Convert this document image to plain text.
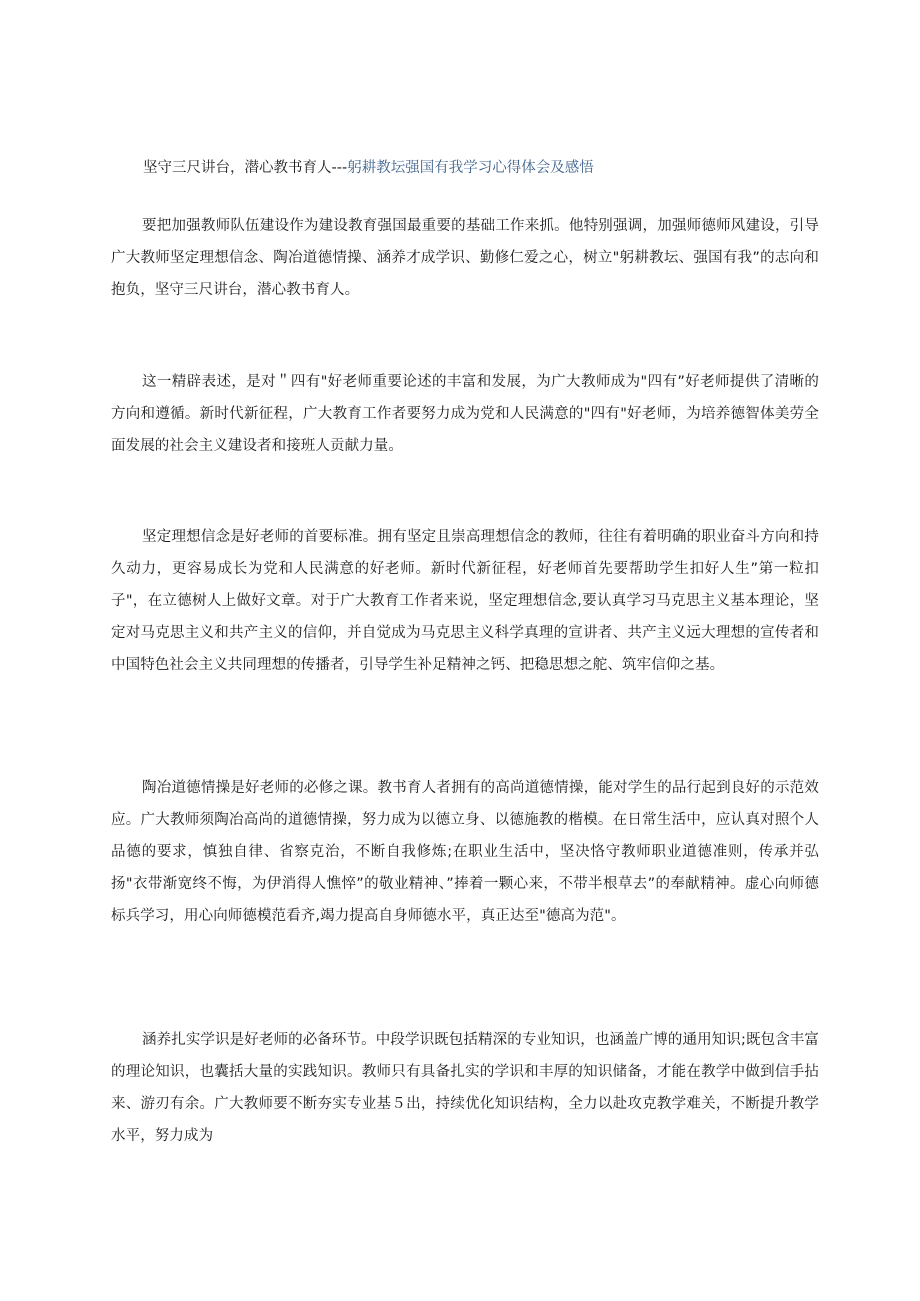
坚守三尺讲台，潜心教书育人---躬耕教坛强国有我学习心得体会及感悟

要把加强教师队伍建设作为建设教育强国最重要的基础工作来抓。他特别强调，加强师德师风建设，引导广大教师坚定理想信念、陶冶道德情操、涵养才成学识、勤修仁爱之心，树立"躬耕教坛、强国有我”的志向和抱负，坚守三尺讲台，潜心教书育人。

这一精辟表述，是对＂四有"好老师重要论述的丰富和发展，为广大教师成为"四有”好老师提供了清晰的方向和遵循。新时代新征程，广大教育工作者要努力成为党和人民满意的"四有"好老师，为培养德智体美劳全面发展的社会主义建设者和接班人贡献力量。

坚定理想信念是好老师的首要标准。拥有坚定且崇高理想信念的教师，往往有着明确的职业奋斗方向和持久动力，更容易成长为党和人民满意的好老师。新时代新征程，好老师首先要帮助学生扣好人生”第一粒扣子"，在立德树人上做好文章。对于广大教育工作者来说，坚定理想信念,要认真学习马克思主义基本理论，坚定对马克思主义和共产主义的信仰，并自觉成为马克思主义科学真理的宣讲者、共产主义远大理想的宣传者和中国特色社会主义共同理想的传播者，引导学生补足精神之钙、把稳思想之舵、筑牢信仰之基。

陶冶道德情操是好老师的必修之课。教书育人者拥有的高尚道德情操，能对学生的品行起到良好的示范效应。广大教师须陶冶高尚的道德情操，努力成为以德立身、以德施教的楷模。在日常生活中，应认真对照个人品德的要求，慎独自律、省察克治，不断自我修炼;在职业生活中，坚决恪守教师职业道德准则，传承并弘扬"衣带渐宽终不悔，为伊消得人憔悴”的敬业精神、”捧着一颗心来，不带半根草去”的奉献精神。虚心向师德标兵学习，用心向师德模范看齐,竭力提高自身师德水平，真正达至"德高为范"。

涵养扎实学识是好老师的必备环节。中段学识既包括精深的专业知识，也涵盖广博的通用知识;既包含丰富的理论知识，也囊括大量的实践知识。教师只有具备扎实的学识和丰厚的知识储备，才能在教学中做到信手拈来、游刃有余。广大教师要不断夯实专业基５出，持续优化知识结构，全力以赴攻克教学难关，不断提升教学水平，努力成为
